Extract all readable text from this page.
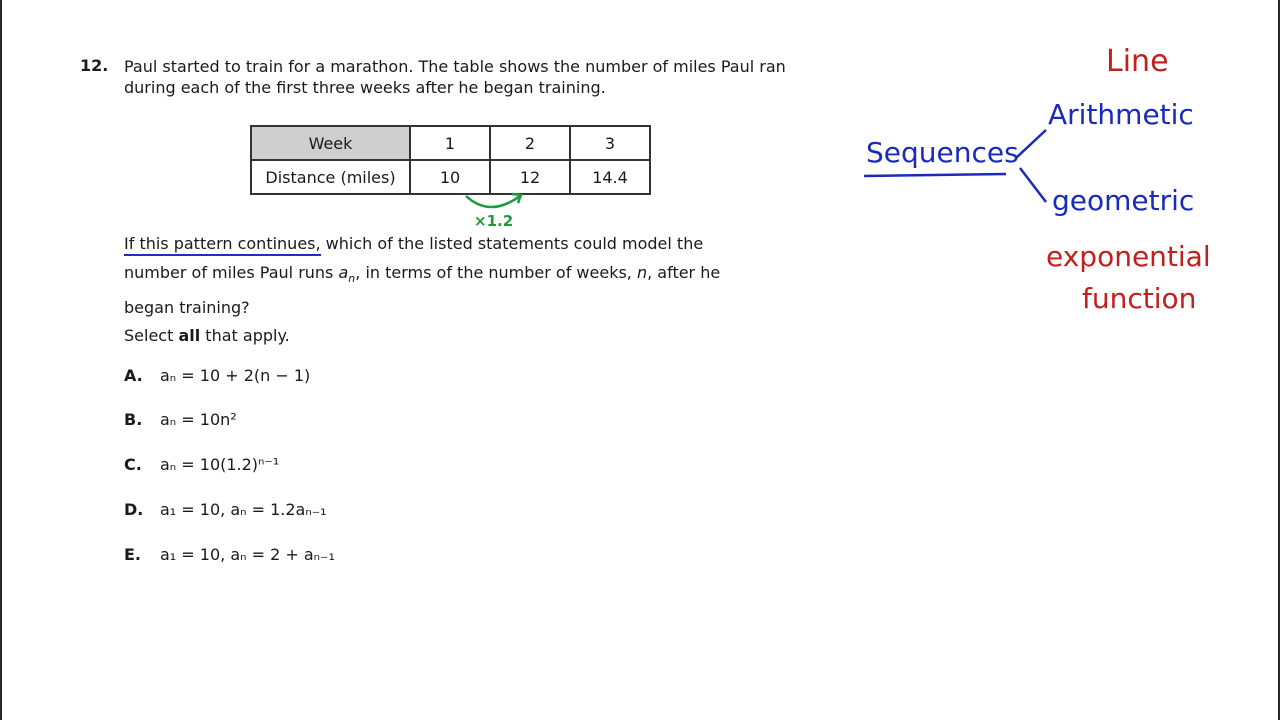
12. Paul started to train for a marathon. The table shows the number of miles Paul ran during each of the first three weeks after he began training.
Week	1	2	3
Distance (miles)	10	12	14.4
×1.2
If this pattern continues, which of the listed statements could model the
number of miles Paul runs $a_n$, in terms of the number of weeks, n, after he
began training?
Select all that apply.
A. aₙ = 10 + 2(n − 1)
B. aₙ = 10n²
C. aₙ = 10(1.2)ⁿ⁻¹
D. a₁ = 10, aₙ = 1.2aₙ₋₁
E. a₁ = 10, aₙ = 2 + aₙ₋₁
Line
Arithmetic
Sequences
geometric
exponential
function
